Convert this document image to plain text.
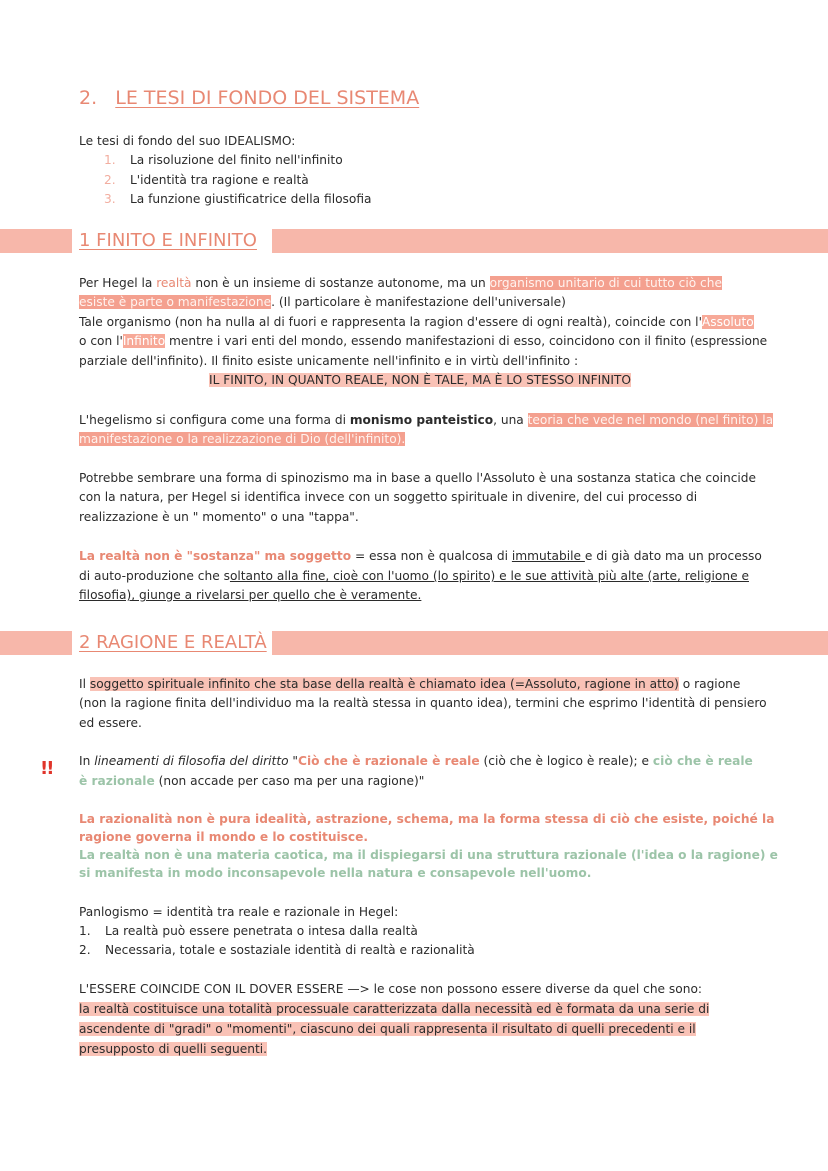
2. LE TESI DI FONDO DEL SISTEMA
Le tesi di fondo del suo IDEALISMO:
1. La risoluzione del finito nell'infinito
2. L'identità tra ragione e realtà
3. La funzione giustificatrice della filosofia
1 FINITO E INFINITO
Per Hegel la realtà non è un insieme di sostanze autonome, ma un organismo unitario di cui tutto ciò che
esiste è parte o manifestazione. (Il particolare è manifestazione dell'universale)
Tale organismo (non ha nulla al di fuori e rappresenta la ragion d'essere di ogni realtà), coincide con l'Assoluto
o con l'Infinito mentre i vari enti del mondo, essendo manifestazioni di esso, coincidono con il finito (espressione
parziale dell'infinito). Il finito esiste unicamente nell'infinito e in virtù dell'infinito :
IL FINITO, IN QUANTO REALE, NON È TALE, MA È LO STESSO INFINITO
L'hegelismo si configura come una forma di monismo panteistico, una teoria che vede nel mondo (nel finito) la
manifestazione o la realizzazione di Dio (dell'infinito).
Potrebbe sembrare una forma di spinozismo ma in base a quello l'Assoluto è una sostanza statica che coincide
con la natura, per Hegel si identifica invece con un soggetto spirituale in divenire, del cui processo di
realizzazione è un " momento" o una "tappa".
La realtà non è "sostanza" ma soggetto = essa non è qualcosa di immutabile e di già dato ma un processo
di auto-produzione che soltanto alla fine, cioè con l'uomo (lo spirito) e le sue attività più alte (arte, religione e
filosofia), giunge a rivelarsi per quello che è veramente.
2 RAGIONE E REALTÀ
Il soggetto spirituale infinito che sta base della realtà è chiamato idea (=Assoluto, ragione in atto) o ragione
(non la ragione finita dell'individuo ma la realtà stessa in quanto idea), termini che esprimo l'identità di pensiero
ed essere.
!! In lineamenti di filosofia del diritto "Ciò che è razionale è reale (ciò che è logico è reale); e ciò che è reale
è razionale (non accade per caso ma per una ragione)"
La razionalità non è pura idealità, astrazione, schema, ma la forma stessa di ciò che esiste, poiché la
ragione governa il mondo e lo costituisce.
La realtà non è una materia caotica, ma il dispiegarsi di una struttura razionale (l'idea o la ragione) e
si manifesta in modo inconsapevole nella natura e consapevole nell'uomo.
Panlogismo = identità tra reale e razionale in Hegel:
1. La realtà può essere penetrata o intesa dalla realtà
2. Necessaria, totale e sostaziale identità di realtà e razionalità
L'ESSERE COINCIDE CON IL DOVER ESSERE —> le cose non possono essere diverse da quel che sono:
la realtà costituisce una totalità processuale caratterizzata dalla necessità ed è formata da una serie di
ascendente di "gradi" o "momenti", ciascuno dei quali rappresenta il risultato di quelli precedenti e il
presupposto di quelli seguenti.
